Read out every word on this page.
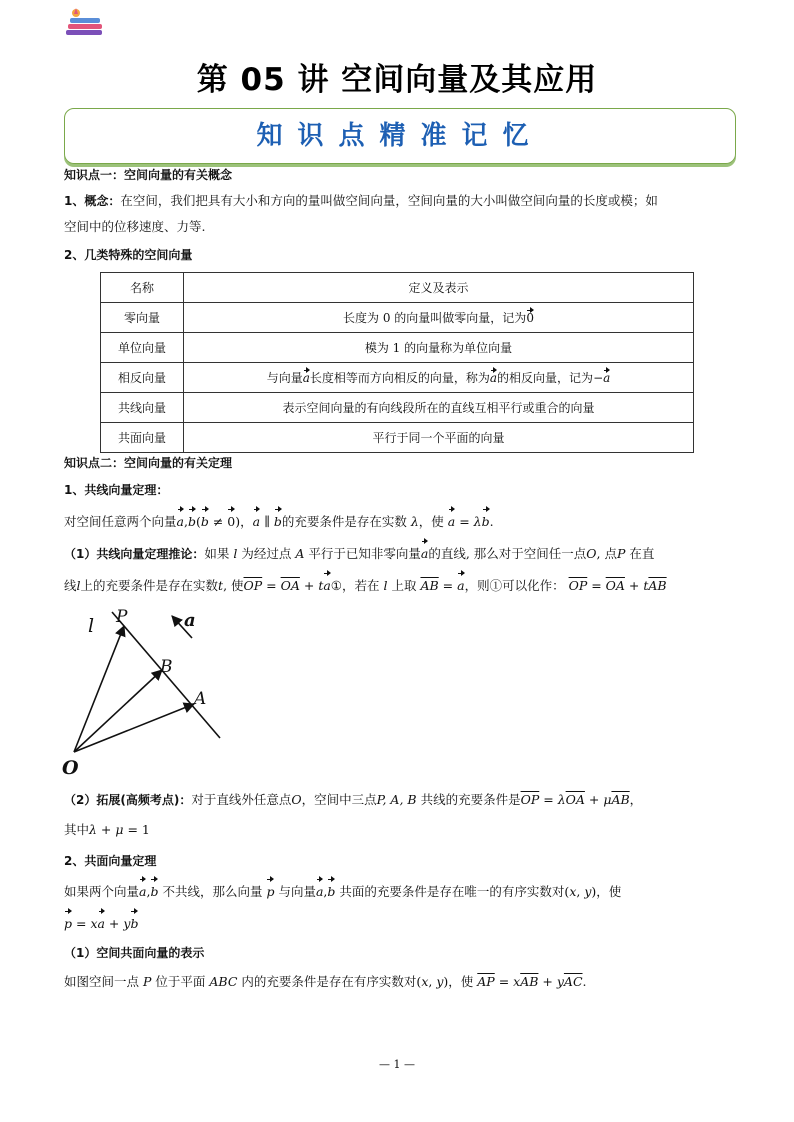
第 05 讲 空间向量及其应用
知识点精准记忆
知识点一：空间向量的有关概念
1、概念：在空间，我们把具有大小和方向的量叫做空间向量，空间向量的大小叫做空间向量的长度或模；如
空间中的位移速度、力等.
2、几类特殊的空间向量
名称	定义及表示
零向量	长度为 0 的向量叫做零向量，记为0
单位向量	模为 1 的向量称为单位向量
相反向量	与向量a长度相等而方向相反的向量，称为a的相反向量，记为−a
共线向量	表示空间向量的有向线段所在的直线互相平行或重合的向量
共面向量	平行于同一个平面的向量
知识点二：空间向量的有关定理
1、共线向量定理：
对空间任意两个向量a,b(b ≠ 0)，a ∥ b的充要条件是存在实数 λ，使 a = λb.
（1）共线向量定理推论：如果 l 为经过点 A 平行于已知非零向量a的直线, 那么对于空间任一点O, 点P 在直
线l上的充要条件是存在实数t, 使$\overline{OP} = \overline{OA}$ + ta①，若在 l 上取 $\overline{AB} = a$，则①可以化作： $\overline{OP} = \overline{OA} + t\overline{AB}$
l P
B
A
O
a
（2）拓展(高频考点)：对于直线外任意点O，空间中三点P, A, B 共线的充要条件是$\overline{OP} = \lambda\overline{OA} + \mu\overline{AB}$，
其中λ + μ = 1
2、共面向量定理
如果两个向量a,b 不共线，那么向量 p 与向量a,b 共面的充要条件是存在唯一的有序实数对(x, y)，使
p = xa + yb
（1）空间共面向量的表示
如图空间一点 P 位于平面 ABC 内的充要条件是存在有序实数对(x, y)，使 $\overline{AP} = x\overline{AB} + y\overline{AC}$.
— 1 —
